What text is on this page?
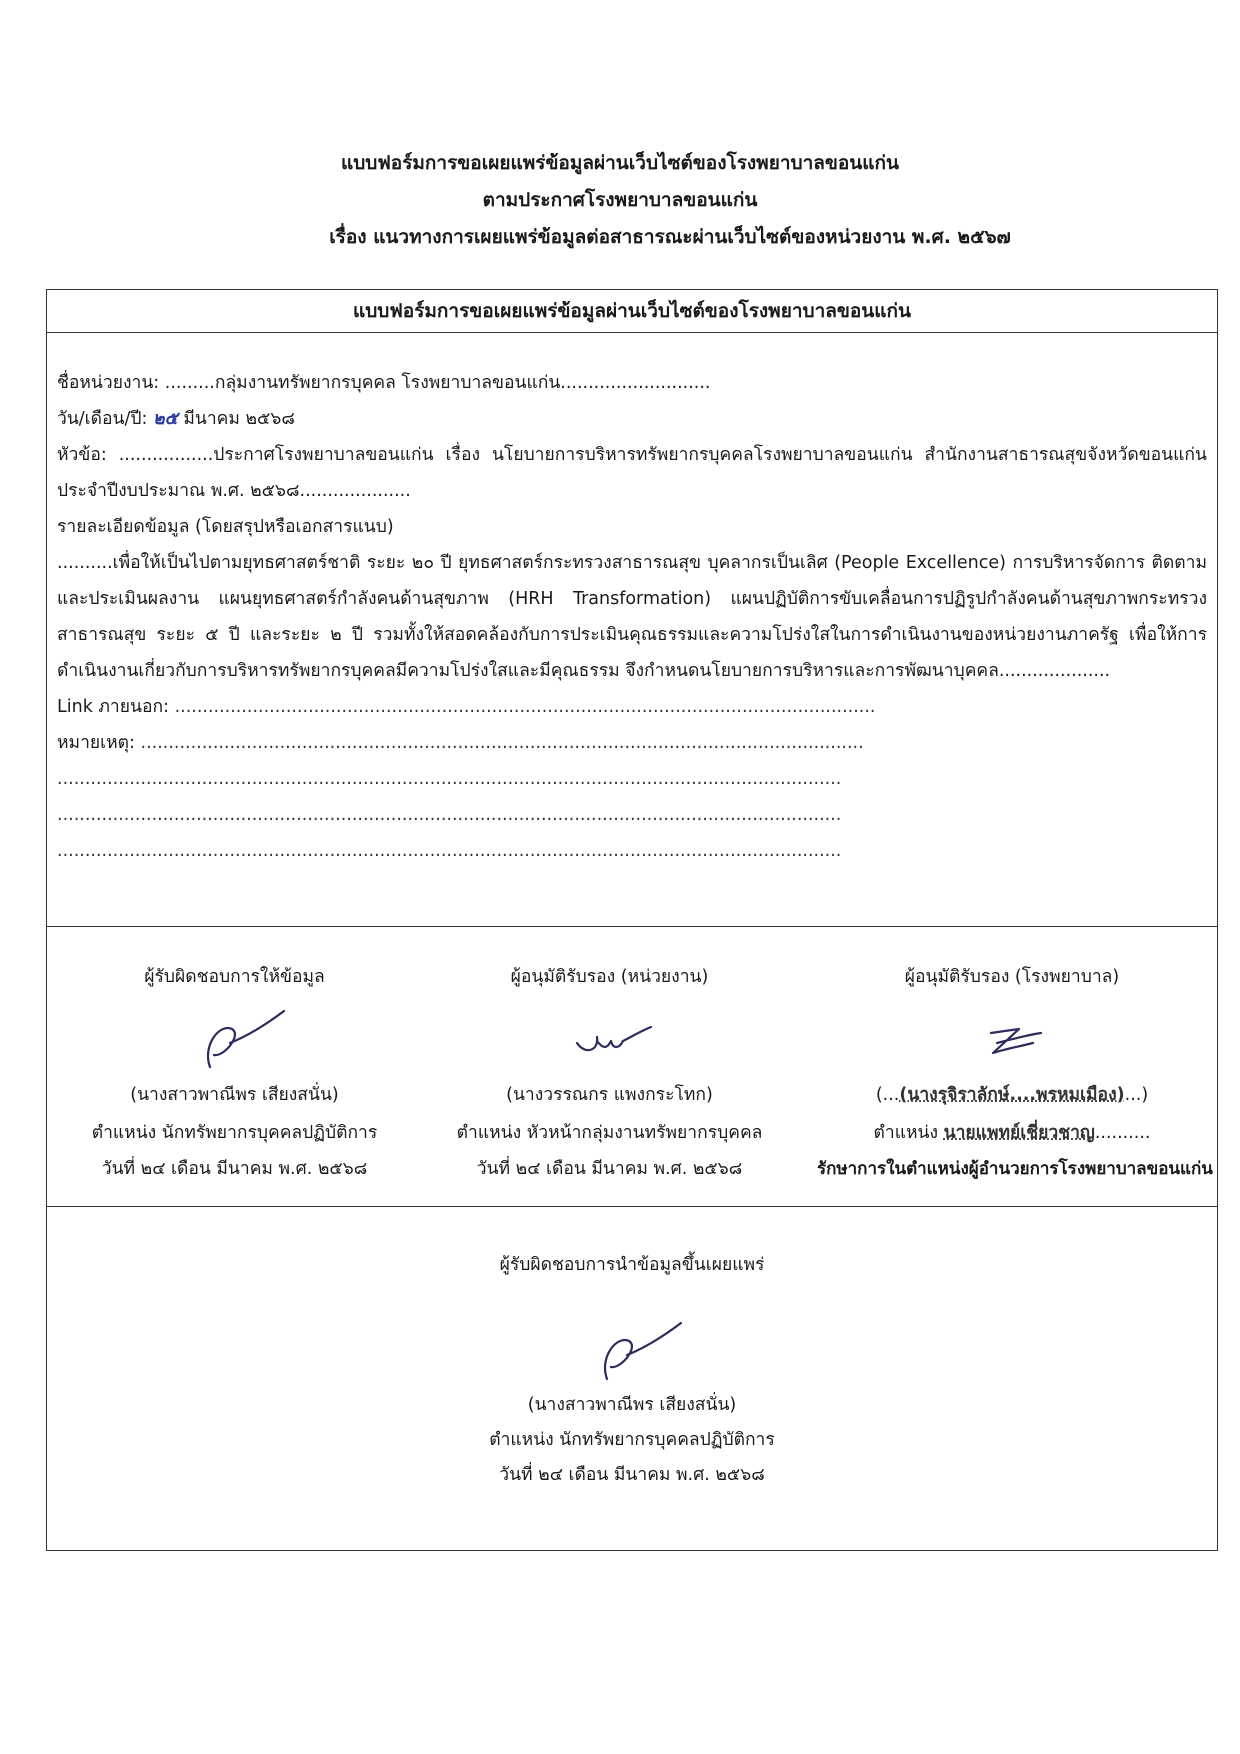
แบบฟอร์มการขอเผยแพร่ข้อมูลผ่านเว็บไซต์ของโรงพยาบาลขอนแก่น
ตามประกาศโรงพยาบาลขอนแก่น
เรื่อง แนวทางการเผยแพร่ข้อมูลต่อสาธารณะผ่านเว็บไซต์ของหน่วยงาน พ.ศ. ๒๕๖๗
แบบฟอร์มการขอเผยแพร่ข้อมูลผ่านเว็บไซต์ของโรงพยาบาลขอนแก่น
ชื่อหน่วยงาน: .........กลุ่มงานทรัพยากรบุคคล โรงพยาบาลขอนแก่น...........................
วัน/เดือน/ปี: ๒๕ มีนาคม ๒๕๖๘
หัวข้อ: .................ประกาศโรงพยาบาลขอนแก่น เรื่อง นโยบายการบริหารทรัพยากรบุคคลโรงพยาบาลขอนแก่น สำนักงานสาธารณสุขจังหวัดขอนแก่น ประจำปีงบประมาณ พ.ศ. ๒๕๖๘....................
รายละเอียดข้อมูล (โดยสรุปหรือเอกสารแนบ)
..........เพื่อให้เป็นไปตามยุทธศาสตร์ชาติ ระยะ ๒๐ ปี ยุทธศาสตร์กระทรวงสาธารณสุข บุคลากรเป็นเลิศ (People Excellence) การบริหารจัดการ ติดตามและประเมินผลงาน แผนยุทธศาสตร์กำลังคนด้านสุขภาพ (HRH Transformation) แผนปฏิบัติการขับเคลื่อนการปฏิรูปกำลังคนด้านสุขภาพกระทรวงสาธารณสุข ระยะ ๕ ปี และระยะ ๒ ปี รวมทั้งให้สอดคล้องกับการประเมินคุณธรรมและความโปร่งใสในการดำเนินงานของหน่วยงานภาครัฐ เพื่อให้การดำเนินงานเกี่ยวกับการบริหารทรัพยากรบุคคลมีความโปร่งใสและมีคุณธรรม จึงกำหนดนโยบายการบริหารและการพัฒนาบุคคล....................
Link ภายนอก: ..............................................................................................................................
หมายเหตุ: ..................................................................................................................................
.............................................................................................................................................
.............................................................................................................................................
.............................................................................................................................................
ผู้รับผิดชอบการให้ข้อมูล
(นางสาวพาณีพร เสียงสนั่น)
ตำแหน่ง นักทรัพยากรบุคคลปฏิบัติการ
วันที่ ๒๔ เดือน มีนาคม พ.ศ. ๒๕๖๘
ผู้อนุมัติรับรอง (หน่วยงาน)
(นางวรรณกร แพงกระโทก)
ตำแหน่ง หัวหน้ากลุ่มงานทรัพยากรบุคคล
วันที่ ๒๔ เดือน มีนาคม พ.ศ. ๒๕๖๘
ผู้อนุมัติรับรอง (โรงพยาบาล)
(...(นางรุจิราลักษ์....พรหมเมือง)...)
ตำแหน่ง นายแพทย์เชี่ยวชาญ..........
รักษาการในตำแหน่งผู้อำนวยการโรงพยาบาลขอนแก่น
ผู้รับผิดชอบการนำข้อมูลขึ้นเผยแพร่
(นางสาวพาณีพร เสียงสนั่น)
ตำแหน่ง นักทรัพยากรบุคคลปฏิบัติการ
วันที่ ๒๔ เดือน มีนาคม พ.ศ. ๒๕๖๘
